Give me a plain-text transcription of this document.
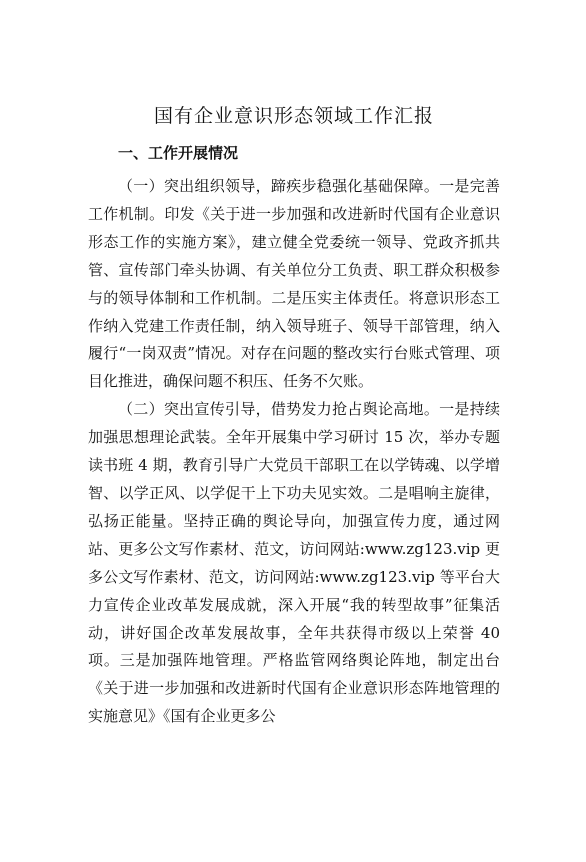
国有企业意识形态领域工作汇报
一、工作开展情况

（一）突出组织领导，蹄疾步稳强化基础保障。一是完善工作机制。印发《关于进一步加强和改进新时代国有企业意识形态工作的实施方案》，建立健全党委统一领导、党政齐抓共管、宣传部门牵头协调、有关单位分工负责、职工群众积极参与的领导体制和工作机制。二是压实主体责任。将意识形态工作纳入党建工作责任制，纳入领导班子、领导干部管理，纳入履行“一岗双责”情况。对存在问题的整改实行台账式管理、项目化推进，确保问题不积压、任务不欠账。

（二）突出宣传引导，借势发力抢占舆论高地。一是持续加强思想理论武装。全年开展集中学习研讨 15 次，举办专题读书班 4 期，教育引导广大党员干部职工在以学铸魂、以学增智、以学正风、以学促干上下功夫见实效。二是唱响主旋律，弘扬正能量。坚持正确的舆论导向，加强宣传力度，通过网站、更多公文写作素材、范文，访问网站:www.zg123.vip 更多公文写作素材、范文，访问网站:www.zg123.vip 等平台大力宣传企业改革发展成就，深入开展“我的转型故事”征集活动，讲好国企改革发展故事，全年共获得市级以上荣誉 40 项。三是加强阵地管理。严格监管网络舆论阵地，制定出台《关于进一步加强和改进新时代国有企业意识形态阵地管理的实施意见》《国有企业更多公
